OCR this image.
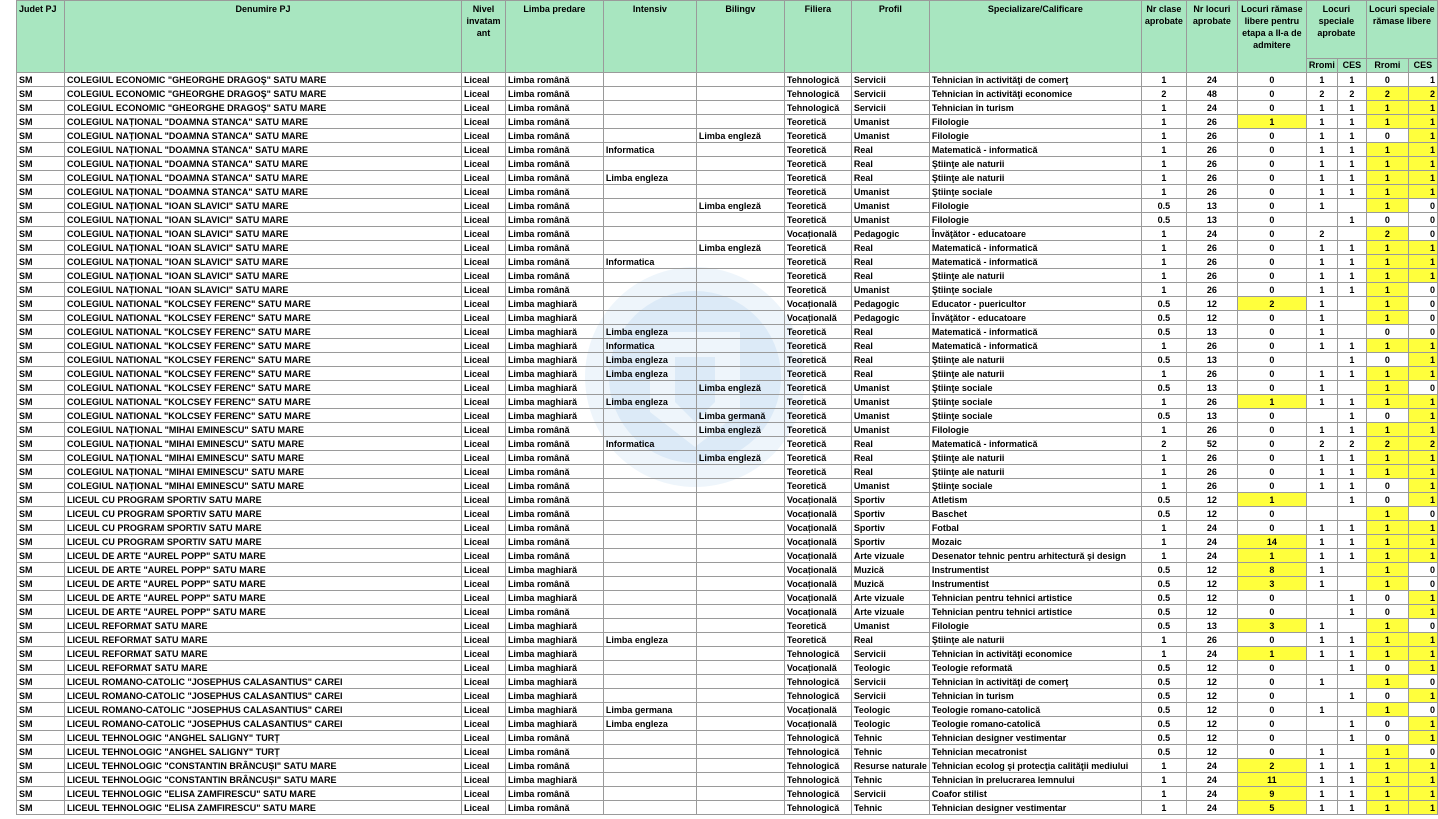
Judet PJ	Denumire PJ	Nivel invatam ant	Limba predare	Intensiv	Bilingv	Filiera	Profil	Specializare/Calificare	Nr clase aprobate	Nr locuri aprobate	Locuri rămase libere pentru etapa a II-a de admitere	Locuri speciale aprobate		Locuri speciale rămase libere	
												Rromi	CES	Rromi	CES
SM	COLEGIUL ECONOMIC "GHEORGHE DRAGOŞ" SATU MARE	Liceal	Limba română			Tehnologică	Servicii	Tehnician în activităţi de comerţ	1	24	0	1	1	0	1
SM	COLEGIUL ECONOMIC "GHEORGHE DRAGOŞ" SATU MARE	Liceal	Limba română			Tehnologică	Servicii	Tehnician în activităţi economice	2	48	0	2	2	2	2
SM	COLEGIUL ECONOMIC "GHEORGHE DRAGOŞ" SATU MARE	Liceal	Limba română			Tehnologică	Servicii	Tehnician în turism	1	24	0	1	1	1	1
SM	COLEGIUL NAȚIONAL "DOAMNA STANCA" SATU MARE	Liceal	Limba română			Teoretică	Umanist	Filologie	1	26	1	1	1	1	1
SM	COLEGIUL NAȚIONAL "DOAMNA STANCA" SATU MARE	Liceal	Limba română		Limba engleză	Teoretică	Umanist	Filologie	1	26	0	1	1	0	1
SM	COLEGIUL NAȚIONAL "DOAMNA STANCA" SATU MARE	Liceal	Limba română	Informatica		Teoretică	Real	Matematică - informatică	1	26	0	1	1	1	1
SM	COLEGIUL NAȚIONAL "DOAMNA STANCA" SATU MARE	Liceal	Limba română			Teoretică	Real	Ştiinţe ale naturii	1	26	0	1	1	1	1
SM	COLEGIUL NAȚIONAL "DOAMNA STANCA" SATU MARE	Liceal	Limba română	Limba engleza		Teoretică	Real	Ştiinţe ale naturii	1	26	0	1	1	1	1
SM	COLEGIUL NAȚIONAL "DOAMNA STANCA" SATU MARE	Liceal	Limba română			Teoretică	Umanist	Ştiinţe sociale	1	26	0	1	1	1	1
SM	COLEGIUL NAȚIONAL "IOAN SLAVICI" SATU MARE	Liceal	Limba română		Limba engleză	Teoretică	Umanist	Filologie	0.5	13	0	1		1	0
SM	COLEGIUL NAȚIONAL "IOAN SLAVICI" SATU MARE	Liceal	Limba română			Teoretică	Umanist	Filologie	0.5	13	0		1	0	0
SM	COLEGIUL NAȚIONAL "IOAN SLAVICI" SATU MARE	Liceal	Limba română			Vocațională	Pedagogic	Învăţător - educatoare	1	24	0	2		2	0
SM	COLEGIUL NAȚIONAL "IOAN SLAVICI" SATU MARE	Liceal	Limba română		Limba engleză	Teoretică	Real	Matematică - informatică	1	26	0	1	1	1	1
SM	COLEGIUL NAȚIONAL "IOAN SLAVICI" SATU MARE	Liceal	Limba română	Informatica		Teoretică	Real	Matematică - informatică	1	26	0	1	1	1	1
SM	COLEGIUL NAȚIONAL "IOAN SLAVICI" SATU MARE	Liceal	Limba română			Teoretică	Real	Ştiinţe ale naturii	1	26	0	1	1	1	1
SM	COLEGIUL NAȚIONAL "IOAN SLAVICI" SATU MARE	Liceal	Limba română			Teoretică	Umanist	Ştiinţe sociale	1	26	0	1	1	1	0
SM	COLEGIUL NATIONAL "KOLCSEY FERENC" SATU MARE	Liceal	Limba maghiară			Vocațională	Pedagogic	Educator - puericultor	0.5	12	2	1		1	0
SM	COLEGIUL NATIONAL "KOLCSEY FERENC" SATU MARE	Liceal	Limba maghiară			Vocațională	Pedagogic	Învăţător - educatoare	0.5	12	0	1		1	0
SM	COLEGIUL NATIONAL "KOLCSEY FERENC" SATU MARE	Liceal	Limba maghiară	Limba engleza		Teoretică	Real	Matematică - informatică	0.5	13	0	1		0	0
SM	COLEGIUL NATIONAL "KOLCSEY FERENC" SATU MARE	Liceal	Limba maghiară	Informatica		Teoretică	Real	Matematică - informatică	1	26	0	1	1	1	1
SM	COLEGIUL NATIONAL "KOLCSEY FERENC" SATU MARE	Liceal	Limba maghiară	Limba engleza		Teoretică	Real	Ştiinţe ale naturii	0.5	13	0		1	0	1
SM	COLEGIUL NATIONAL "KOLCSEY FERENC" SATU MARE	Liceal	Limba maghiară	Limba engleza		Teoretică	Real	Ştiinţe ale naturii	1	26	0	1	1	1	1
SM	COLEGIUL NATIONAL "KOLCSEY FERENC" SATU MARE	Liceal	Limba maghiară		Limba engleză	Teoretică	Umanist	Ştiinţe sociale	0.5	13	0	1		1	0
SM	COLEGIUL NATIONAL "KOLCSEY FERENC" SATU MARE	Liceal	Limba maghiară	Limba engleza		Teoretică	Umanist	Ştiinţe sociale	1	26	1	1	1	1	1
SM	COLEGIUL NATIONAL "KOLCSEY FERENC" SATU MARE	Liceal	Limba maghiară		Limba germană	Teoretică	Umanist	Ştiinţe sociale	0.5	13	0		1	0	1
SM	COLEGIUL NAȚIONAL "MIHAI EMINESCU" SATU MARE	Liceal	Limba română		Limba engleză	Teoretică	Umanist	Filologie	1	26	0	1	1	1	1
SM	COLEGIUL NAȚIONAL "MIHAI EMINESCU" SATU MARE	Liceal	Limba română	Informatica		Teoretică	Real	Matematică - informatică	2	52	0	2	2	2	2
SM	COLEGIUL NAȚIONAL "MIHAI EMINESCU" SATU MARE	Liceal	Limba română		Limba engleză	Teoretică	Real	Ştiinţe ale naturii	1	26	0	1	1	1	1
SM	COLEGIUL NAȚIONAL "MIHAI EMINESCU" SATU MARE	Liceal	Limba română			Teoretică	Real	Ştiinţe ale naturii	1	26	0	1	1	1	1
SM	COLEGIUL NAȚIONAL "MIHAI EMINESCU" SATU MARE	Liceal	Limba română			Teoretică	Umanist	Ştiinţe sociale	1	26	0	1	1	0	1
SM	LICEUL CU PROGRAM SPORTIV SATU MARE	Liceal	Limba română			Vocațională	Sportiv	Atletism	0.5	12	1		1	0	1
SM	LICEUL CU PROGRAM SPORTIV SATU MARE	Liceal	Limba română			Vocațională	Sportiv	Baschet	0.5	12	0			1	0
SM	LICEUL CU PROGRAM SPORTIV SATU MARE	Liceal	Limba română			Vocațională	Sportiv	Fotbal	1	24	0	1	1	1	1
SM	LICEUL CU PROGRAM SPORTIV SATU MARE	Liceal	Limba română			Vocațională	Sportiv	Mozaic	1	24	14	1	1	1	1
SM	LICEUL DE ARTE "AUREL POPP" SATU MARE	Liceal	Limba română			Vocațională	Arte vizuale	Desenator tehnic pentru arhitectură şi design	1	24	1	1	1	1	1
SM	LICEUL DE ARTE "AUREL POPP" SATU MARE	Liceal	Limba maghiară			Vocațională	Muzică	Instrumentist	0.5	12	8	1		1	0
SM	LICEUL DE ARTE "AUREL POPP" SATU MARE	Liceal	Limba română			Vocațională	Muzică	Instrumentist	0.5	12	3	1		1	0
SM	LICEUL DE ARTE "AUREL POPP" SATU MARE	Liceal	Limba maghiară			Vocațională	Arte vizuale	Tehnician pentru tehnici artistice	0.5	12	0		1	0	1
SM	LICEUL DE ARTE "AUREL POPP" SATU MARE	Liceal	Limba română			Vocațională	Arte vizuale	Tehnician pentru tehnici artistice	0.5	12	0		1	0	1
SM	LICEUL REFORMAT SATU MARE	Liceal	Limba maghiară			Teoretică	Umanist	Filologie	0.5	13	3	1		1	0
SM	LICEUL REFORMAT SATU MARE	Liceal	Limba maghiară	Limba engleza		Teoretică	Real	Ştiinţe ale naturii	1	26	0	1	1	1	1
SM	LICEUL REFORMAT SATU MARE	Liceal	Limba maghiară			Tehnologică	Servicii	Tehnician în activităţi economice	1	24	1	1	1	1	1
SM	LICEUL REFORMAT SATU MARE	Liceal	Limba maghiară			Vocațională	Teologic	Teologie reformată	0.5	12	0		1	0	1
SM	LICEUL ROMANO-CATOLIC "JOSEPHUS CALASANTIUS" CAREI	Liceal	Limba maghiară			Tehnologică	Servicii	Tehnician în activităţi de comerţ	0.5	12	0	1		1	0
SM	LICEUL ROMANO-CATOLIC "JOSEPHUS CALASANTIUS" CAREI	Liceal	Limba maghiară			Tehnologică	Servicii	Tehnician în turism	0.5	12	0		1	0	1
SM	LICEUL ROMANO-CATOLIC "JOSEPHUS CALASANTIUS" CAREI	Liceal	Limba maghiară	Limba germana		Vocațională	Teologic	Teologie romano-catolică	0.5	12	0	1		1	0
SM	LICEUL ROMANO-CATOLIC "JOSEPHUS CALASANTIUS" CAREI	Liceal	Limba maghiară	Limba engleza		Vocațională	Teologic	Teologie romano-catolică	0.5	12	0		1	0	1
SM	LICEUL TEHNOLOGIC "ANGHEL SALIGNY" TURȚ	Liceal	Limba română			Tehnologică	Tehnic	Tehnician designer vestimentar	0.5	12	0		1	0	1
SM	LICEUL TEHNOLOGIC "ANGHEL SALIGNY" TURȚ	Liceal	Limba română			Tehnologică	Tehnic	Tehnician mecatronist	0.5	12	0	1		1	0
SM	LICEUL TEHNOLOGIC "CONSTANTIN BRÂNCUȘI" SATU MARE	Liceal	Limba română			Tehnologică	Resurse naturale	Tehnician ecolog şi protecţia calităţii mediului	1	24	2	1	1	1	1
SM	LICEUL TEHNOLOGIC "CONSTANTIN BRÂNCUȘI" SATU MARE	Liceal	Limba maghiară			Tehnologică	Tehnic	Tehnician în prelucrarea lemnului	1	24	11	1	1	1	1
SM	LICEUL TEHNOLOGIC "ELISA ZAMFIRESCU" SATU MARE	Liceal	Limba română			Tehnologică	Servicii	Coafor stilist	1	24	9	1	1	1	1
SM	LICEUL TEHNOLOGIC "ELISA ZAMFIRESCU" SATU MARE	Liceal	Limba română			Tehnologică	Tehnic	Tehnician designer vestimentar	1	24	5	1	1	1	1
